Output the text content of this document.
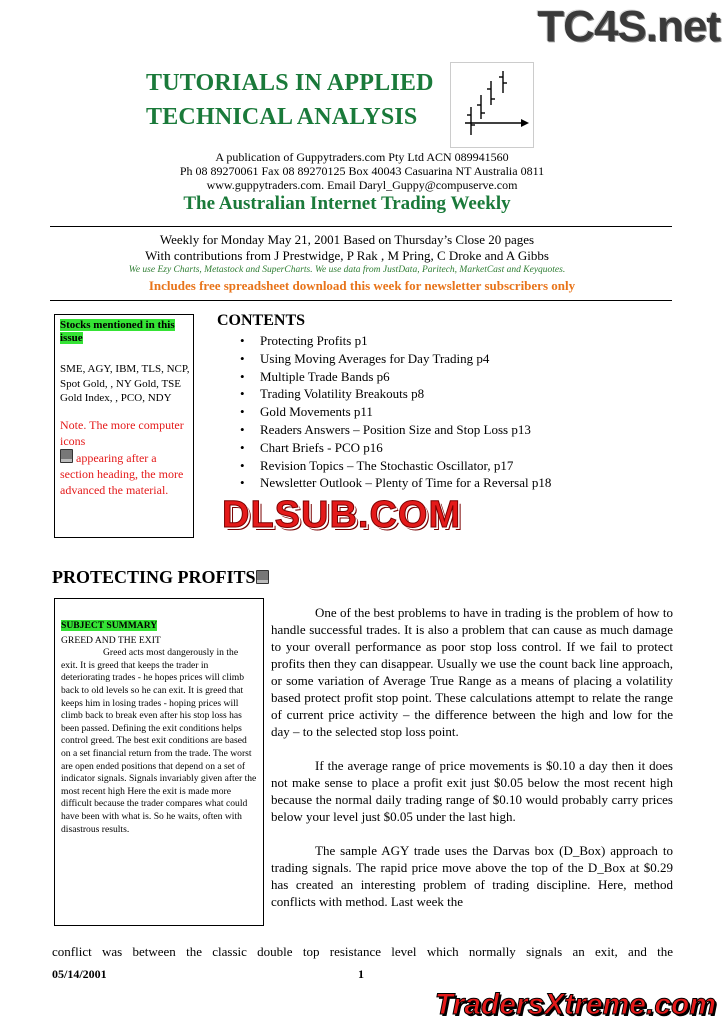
TC4S.net
TUTORIALS IN APPLIED
TECHNICAL ANALYSIS
A publication of Guppytraders.com Pty Ltd ACN 089941560
Ph 08 89270061 Fax 08 89270125 Box 40043 Casuarina NT Australia 0811
www.guppytraders.com. Email Daryl_Guppy@compuserve.com
The Australian Internet Trading Weekly
Weekly for Monday May 21, 2001 Based on Thursday’s Close 20 pages
With contributions from J Prestwidge, P Rak , M Pring, C Droke and A Gibbs
We use Ezy Charts, Metastock and SuperCharts. We use data from JustData, Paritech, MarketCast and Keyquotes.
Includes free spreadsheet download this week for newsletter subscribers only
Stocks mentioned in this issue
SME, AGY, IBM, TLS, NCP, Spot Gold, , NY Gold, TSE Gold Index, , PCO, NDY
Note. The more computer icons
appearing after a section heading, the more advanced the material.
CONTENTS
• Protecting Profits p1
• Using Moving Averages for Day Trading p4
• Multiple Trade Bands p6
• Trading Volatility Breakouts p8
• Gold Movements p11
• Readers Answers – Position Size and Stop Loss p13
• Chart Briefs - PCO p16
• Revision Topics – The Stochastic Oscillator, p17
• Newsletter Outlook – Plenty of Time for a Reversal p18
DLSUB.COM
PROTECTING PROFITS
SUBJECT SUMMARY
GREED AND THE EXIT
Greed acts most dangerously in the exit. It is greed that keeps the trader in deteriorating trades - he hopes prices will climb back to old levels so he can exit. It is greed that keeps him in losing trades - hoping prices will climb back to break even after his stop loss has been passed. Defining the exit conditions helps control greed. The best exit conditions are based on a set financial return from the trade. The worst are open ended positions that depend on a set of indicator signals. Signals invariably given after the most recent high Here the exit is made more difficult because the trader compares what could have been with what is. So he waits, often with disastrous results.

One of the best problems to have in trading is the problem of how to handle successful trades. It is also a problem that can cause as much damage to your overall performance as poor stop loss control. If we fail to protect profits then they can disappear. Usually we use the count back line approach, or some variation of Average True Range as a means of placing a volatility based protect profit stop point. These calculations attempt to relate the range of current price activity – the difference between the high and low for the day – to the selected stop loss point.

If the average range of price movements is $0.10 a day then it does not make sense to place a profit exit just $0.05 below the most recent high because the normal daily trading range of $0.10 would probably carry prices below your level just $0.05 under the last high.

The sample AGY trade uses the Darvas box (D_Box) approach to trading signals. The rapid price move above the top of the D_Box at $0.29 has created an interesting problem of trading discipline. Here, method conflicts with method. Last week the

conflict was between the classic double top resistance level which normally signals an exit, and the
05/14/2001	1
TradersXtreme.com
